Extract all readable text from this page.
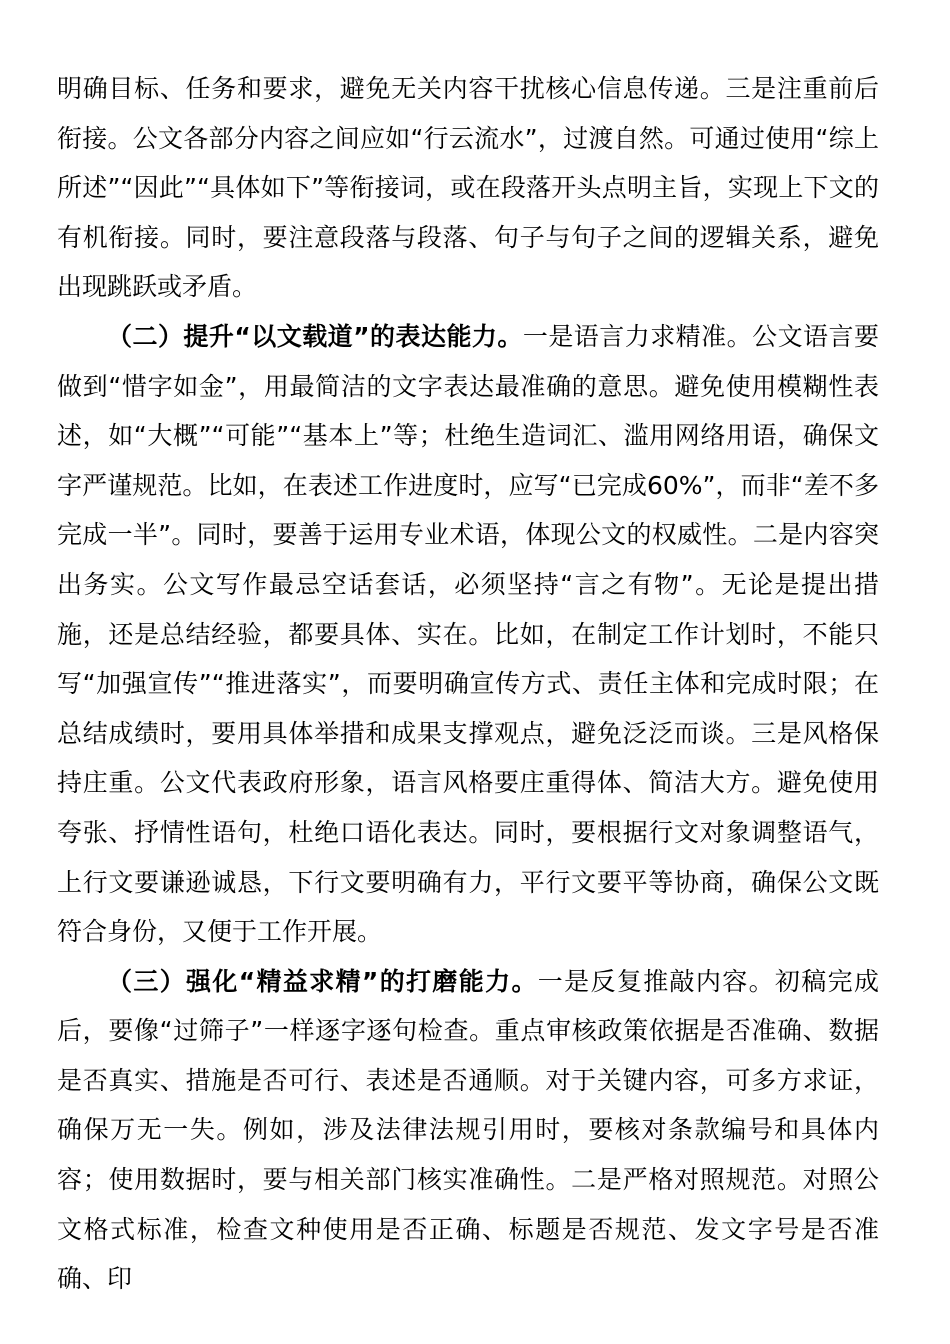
明确目标、任务和要求，避免无关内容干扰核心信息传递。三是注重前后衔接。公文各部分内容之间应如“行云流水”，过渡自然。可通过使用“综上所述”“因此”“具体如下”等衔接词，或在段落开头点明主旨，实现上下文的有机衔接。同时，要注意段落与段落、句子与句子之间的逻辑关系，避免出现跳跃或矛盾。

（二）提升“以文载道”的表达能力。一是语言力求精准。公文语言要做到“惜字如金”，用最简洁的文字表达最准确的意思。避免使用模糊性表述，如“大概”“可能”“基本上”等；杜绝生造词汇、滥用网络用语，确保文字严谨规范。比如，在表述工作进度时，应写“已完成60%”，而非“差不多完成一半”。同时，要善于运用专业术语，体现公文的权威性。二是内容突出务实。公文写作最忌空话套话，必须坚持“言之有物”。无论是提出措施，还是总结经验，都要具体、实在。比如，在制定工作计划时，不能只写“加强宣传”“推进落实”，而要明确宣传方式、责任主体和完成时限；在总结成绩时，要用具体举措和成果支撑观点，避免泛泛而谈。三是风格保持庄重。公文代表政府形象，语言风格要庄重得体、简洁大方。避免使用夸张、抒情性语句，杜绝口语化表达。同时，要根据行文对象调整语气，上行文要谦逊诚恳，下行文要明确有力，平行文要平等协商，确保公文既符合身份，又便于工作开展。

（三）强化“精益求精”的打磨能力。一是反复推敲内容。初稿完成后，要像“过筛子”一样逐字逐句检查。重点审核政策依据是否准确、数据是否真实、措施是否可行、表述是否通顺。对于关键内容，可多方求证，确保万无一失。例如，涉及法律法规引用时，要核对条款编号和具体内容；使用数据时，要与相关部门核实准确性。二是严格对照规范。对照公文格式标准，检查文种使用是否正确、标题是否规范、发文字号是否准确、印
